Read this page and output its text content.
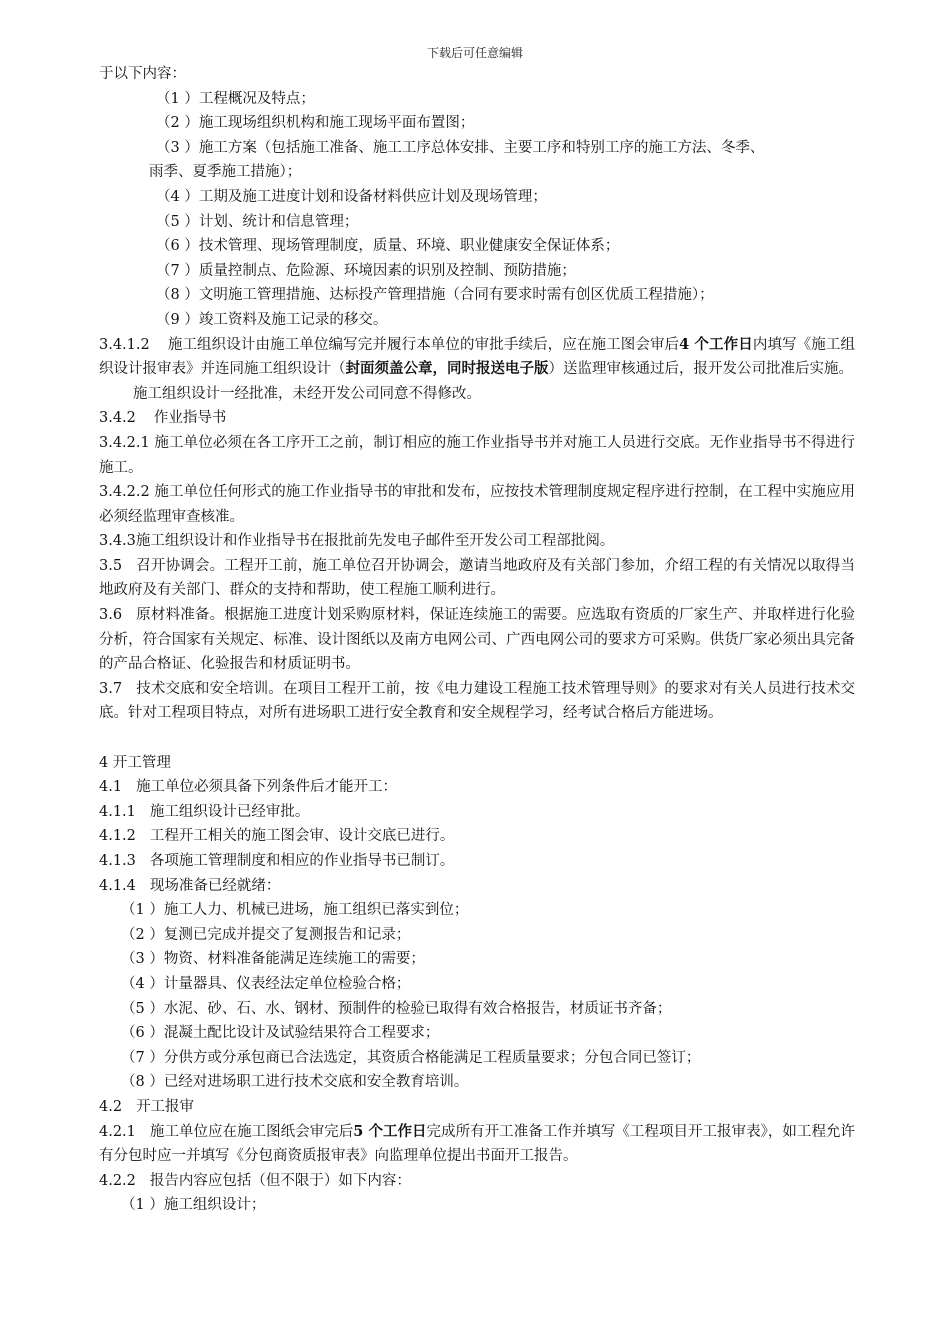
下载后可任意编辑

于以下内容：

（1 ）工程概况及特点；

（2 ）施工现场组织机构和施工现场平面布置图；

（3 ）施工方案（包括施工准备、施工工序总体安排、主要工序和特别工序的施工方法、冬季、

雨季、夏季施工措施）；

（4 ）工期及施工进度计划和设备材料供应计划及现场管理；

（5 ）计划、统计和信息管理；

（6 ）技术管理、现场管理制度，质量、环境、职业健康安全保证体系；

（7 ）质量控制点、危险源、环境因素的识别及控制、预防措施；

（8 ）文明施工管理措施、达标投产管理措施（合同有要求时需有创区优质工程措施）；

（9 ）竣工资料及施工记录的移交。

3.4.1.2 施工组织设计由施工单位编写完并履行本单位的审批手续后，应在施工图会审后4 个工作日内填写《施工组织设计报审表》并连同施工组织设计（封面须盖公章，同时报送电子版）送监理审核通过后，报开发公司批准后实施。

施工组织设计一经批准，未经开发公司同意不得修改。

3.4.2 作业指导书

3.4.2.1 施工单位必须在各工序开工之前，制订相应的施工作业指导书并对施工人员进行交底。无作业指导书不得进行施工。

3.4.2.2 施工单位任何形式的施工作业指导书的审批和发布，应按技术管理制度规定程序进行控制，在工程中实施应用必须经监理审查核准。

3.4.3施工组织设计和作业指导书在报批前先发电子邮件至开发公司工程部批阅。

3.5 召开协调会。工程开工前，施工单位召开协调会，邀请当地政府及有关部门参加，介绍工程的有关情况以取得当地政府及有关部门、群众的支持和帮助，使工程施工顺利进行。

3.6 原材料准备。根据施工进度计划采购原材料，保证连续施工的需要。应选取有资质的厂家生产、并取样进行化验分析，符合国家有关规定、标准、设计图纸以及南方电网公司、广西电网公司的要求方可采购。供货厂家必须出具完备的产品合格证、化验报告和材质证明书。

3.7 技术交底和安全培训。在项目工程开工前，按《电力建设工程施工技术管理导则》的要求对有关人员进行技术交底。针对工程项目特点，对所有进场职工进行安全教育和安全规程学习，经考试合格后方能进场。

4 开工管理

4.1 施工单位必须具备下列条件后才能开工：

4.1.1 施工组织设计已经审批。

4.1.2 工程开工相关的施工图会审、设计交底已进行。

4.1.3 各项施工管理制度和相应的作业指导书已制订。

4.1.4 现场准备已经就绪：

（1 ）施工人力、机械已进场，施工组织已落实到位；

（2 ）复测已完成并提交了复测报告和记录；

（3 ）物资、材料准备能满足连续施工的需要；

（4 ）计量器具、仪表经法定单位检验合格；

（5 ）水泥、砂、石、水、钢材、预制件的检验已取得有效合格报告，材质证书齐备；

（6 ）混凝土配比设计及试验结果符合工程要求；

（7 ）分供方或分承包商已合法选定，其资质合格能满足工程质量要求；分包合同已签订；

（8 ）已经对进场职工进行技术交底和安全教育培训。

4.2 开工报审

4.2.1 施工单位应在施工图纸会审完后5 个工作日完成所有开工准备工作并填写《工程项目开工报审表》，如工程允许有分包时应一并填写《分包商资质报审表》向监理单位提出书面开工报告。

4.2.2 报告内容应包括（但不限于）如下内容：

（1 ）施工组织设计；
